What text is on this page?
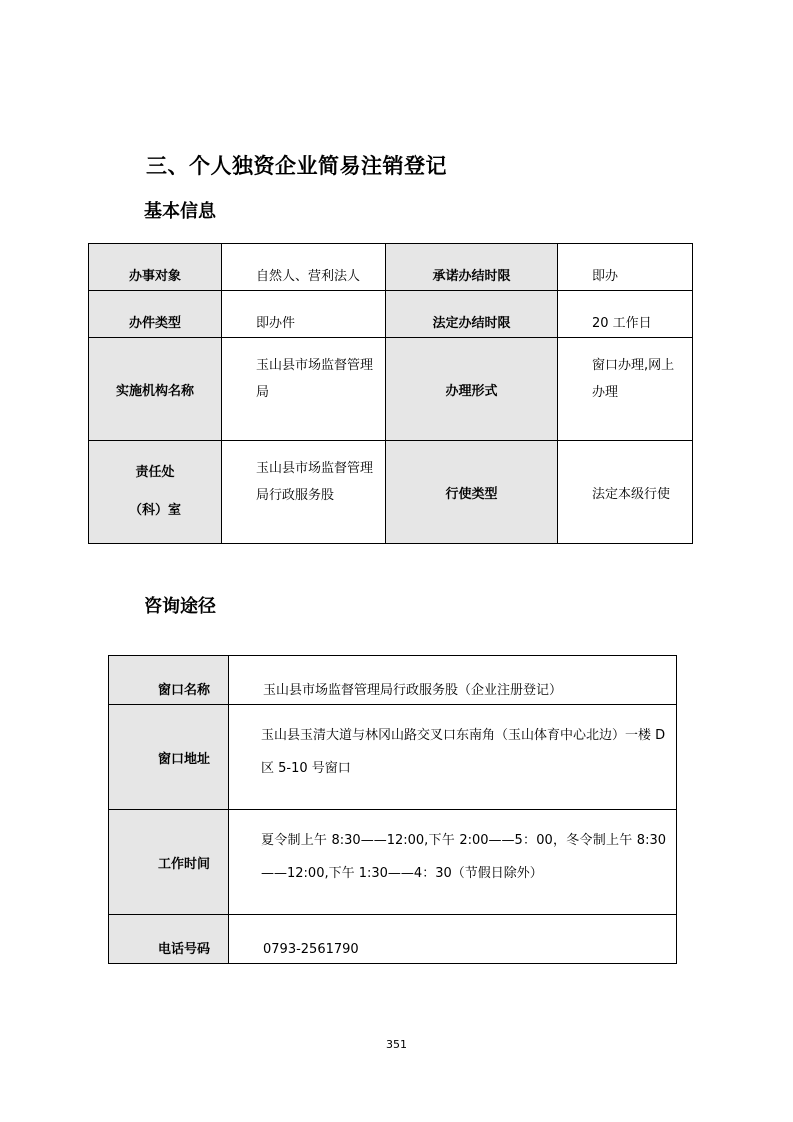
三、个人独资企业简易注销登记
基本信息
办事对象	自然人、营利法人	承诺办结时限	即办
办件类型	即办件	法定办结时限	20 工作日
实施机构名称	玉山县市场监督管理局	办理形式	窗口办理,网上办理

责任处（科）室	玉山县市场监督管理局行政服务股	行使类型	法定本级行使
咨询途径
窗口名称	玉山县市场监督管理局行政服务股（企业注册登记）
窗口地址	玉山县玉清大道与林冈山路交叉口东南角（玉山体育中心北边）一楼 D 区 5-10 号窗口

工作时间	夏令制上午 8:30——12:00,下午 2:00——5：00，冬令制上午 8:30——12:00,下午 1:30——4：30（节假日除外）

电话号码	0793-2561790
351
